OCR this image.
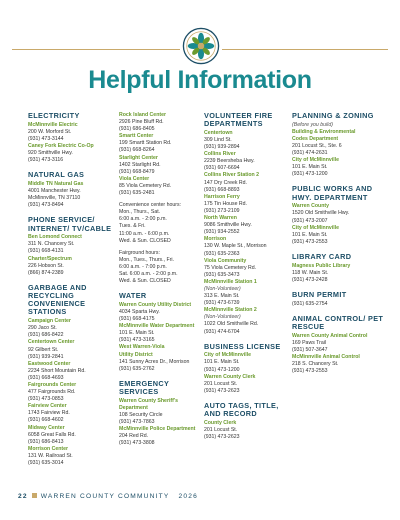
Helpful Information
ELECTRICITY
McMinnville Electric
200 W. Morford St.
(931) 473-3144
Caney Fork Electric Co-Op
920 Smithville Hwy.
(931) 473-3116
NATURAL GAS
Middle TN Natural Gas
4001 Manchester Hwy.
McMinnville, TN 37110
(931) 473-8494
PHONE SERVICE/ INTERNET/ TV/CABLE
Ben Lomond Connect
311 N. Chancery St.
(931) 668-4131
Charter/Spectrum
226 Hobson St.
(866) 874-2389
GARBAGE AND RECYCLING CONVENIENCE STATIONS
Campaign Center
290 Jaco St.
(931) 686-8422
Centertown Center
92 Gilbert St.
(931) 939-2841
Eastwood Center
2234 Short Mountain Rd.
(931) 668-4693
Fairgrounds Center
477 Fairgrounds Rd.
(931) 473-0853
Fairview Center
1743 Fairview Rd.
(931) 668-4602
Midway Center
6058 Great Falls Rd.
(931) 686-8413
Morrison Center
131 W. Railroad St.
(931) 635-3014
Rock Island Center
2926 Pine Bluff Rd.
(931) 686-8405
Smartt Center
199 Smartt Station Rd.
(931) 668-8264
Starlight Center
1402 Starlight Rd.
(931) 668-8479
Viola Center
85 Viola Cemetery Rd.
(931) 635-2481
Convenience center hours:
Mon., Thurs., Sat.
6:00 a.m. - 2:00 p.m.
Tues. & Fri.
11:00 a.m. - 6:00 p.m.
Wed. & Sun. CLOSED
Fairground hours:
Mon., Tues., Thurs., Fri.
6:00 a.m. - 7:00 p.m.
Sat. 6:00 a.m. - 2:00 p.m.
Wed. & Sun. CLOSED
WATER
Warren County Utility District
4034 Sparta Hwy.
(931) 668-4175
McMinnville Water Department
101 E. Main St.
(931) 473-3165
West Warren-Viola
Utility District
141 Sunny Acres Dr., Morrison
(931) 635-2762
EMERGENCY SERVICES
Warren County Sheriff's
Department
108 Security Circle
(931) 473-7863
McMinnville Police Department
204 Red Rd.
(931) 473-3808
VOLUNTEER FIRE DEPARTMENTS
Centertown
309 Lind St.
(931) 939-2894
Collins River
2239 Beersheba Hwy.
(931) 607-6694
Collins River Station 2
147 Dry Creek Rd.
(931) 668-8893
Harrison Ferry
175 Tin House Rd.
(931) 273-2109
North Warren
9086 Smithville Hwy.
(931) 934-2552
Morrison
130 W. Maple St., Morrison
(931) 635-2363
Viola Community
75 Viola Cemetery Rd.
(931) 635-3473
McMinnville Station 1
(Non-Volunteer)
313 E. Main St.
(931) 473-6739
McMinnville Station 2
(Non-Volunteer)
1022 Old Smithville Rd.
(931) 474-6704
BUSINESS LICENSE
City of McMinnville
101 E. Main St.
(931) 473-1200
Warren County Clerk
201 Locust St.
(931) 473-2623
AUTO TAGS, TITLE, AND RECORD
County Clerk
201 Locust St.
(931) 473-2623
PLANNING & ZONING
(Before you build)
Building & Environmental
Codes Department
201 Locust St., Ste. 6
(931) 474-2631
City of McMinnville
101 E. Main St.
(931) 473-1200
PUBLIC WORKS AND HWY. DEPARTMENT
Warren County
1520 Old Smithville Hwy.
(931) 473-2007
City of McMinnville
101 E. Main St.
(931) 473-2553
LIBRARY CARD
Magness Public Library
118 W. Main St.
(931) 473-2428
BURN PERMIT
(931) 635-2754
ANIMAL CONTROL/ PET RESCUE
Warren County Animal Control
169 Paws Trail
(931) 507-3647
McMinnville Animal Control
218 S. Chancery St.
(931) 473-2553
22 WARREN COUNTY COMMUNITY 2026
